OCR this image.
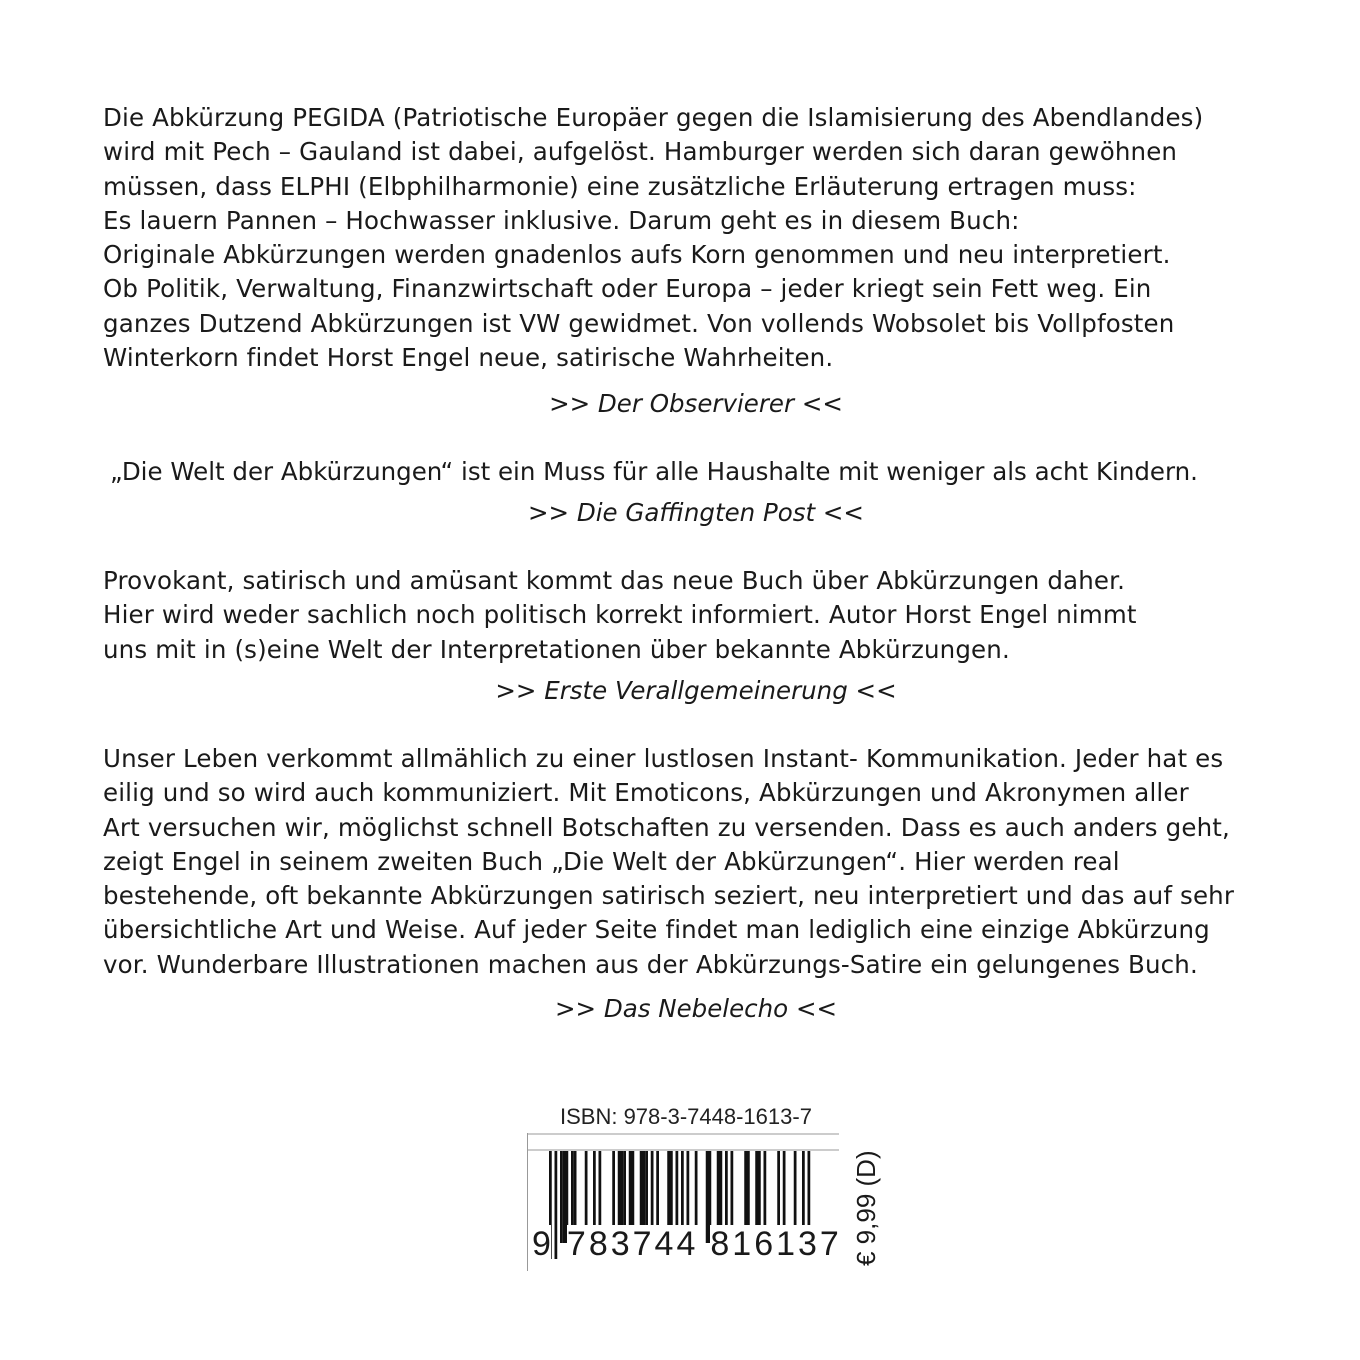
Die Abkürzung PEGIDA (Patriotische Europäer gegen die Islamisierung des Abendlandes)
wird mit Pech – Gauland ist dabei, aufgelöst. Hamburger werden sich daran gewöhnen
müssen, dass ELPHI (Elbphilharmonie) eine zusätzliche Erläuterung ertragen muss:
Es lauern Pannen – Hochwasser inklusive. Darum geht es in diesem Buch:
Originale Abkürzungen werden gnadenlos aufs Korn genommen und neu interpretiert.
Ob Politik, Verwaltung, Finanzwirtschaft oder Europa – jeder kriegt sein Fett weg. Ein
ganzes Dutzend Abkürzungen ist VW gewidmet. Von vollends Wobsolet bis Vollpfosten
Winterkorn findet Horst Engel neue, satirische Wahrheiten.
>> Der Observierer <<
„Die Welt der Abkürzungen“ ist ein Muss für alle Haushalte mit weniger als acht Kindern.
>> Die Gaffingten Post <<
Provokant, satirisch und amüsant kommt das neue Buch über Abkürzungen daher.
Hier wird weder sachlich noch politisch korrekt informiert. Autor Horst Engel nimmt
uns mit in (s)eine Welt der Interpretationen über bekannte Abkürzungen.
>> Erste Verallgemeinerung <<
Unser Leben verkommt allmählich zu einer lustlosen Instant- Kommunikation. Jeder hat es
eilig und so wird auch kommuniziert. Mit Emoticons, Abkürzungen und Akronymen aller
Art versuchen wir, möglichst schnell Botschaften zu versenden. Dass es auch anders geht,
zeigt Engel in seinem zweiten Buch „Die Welt der Abkürzungen“. Hier werden real
bestehende, oft bekannte Abkürzungen satirisch seziert, neu interpretiert und das auf sehr
übersichtliche Art und Weise. Auf jeder Seite findet man lediglich eine einzige Abkürzung
vor. Wunderbare Illustrationen machen aus der Abkürzungs-Satire ein gelungenes Buch.
>> Das Nebelecho <<
ISBN: 978-3-7448-1613-7
9 783744 816137 € 9,99 (D)
